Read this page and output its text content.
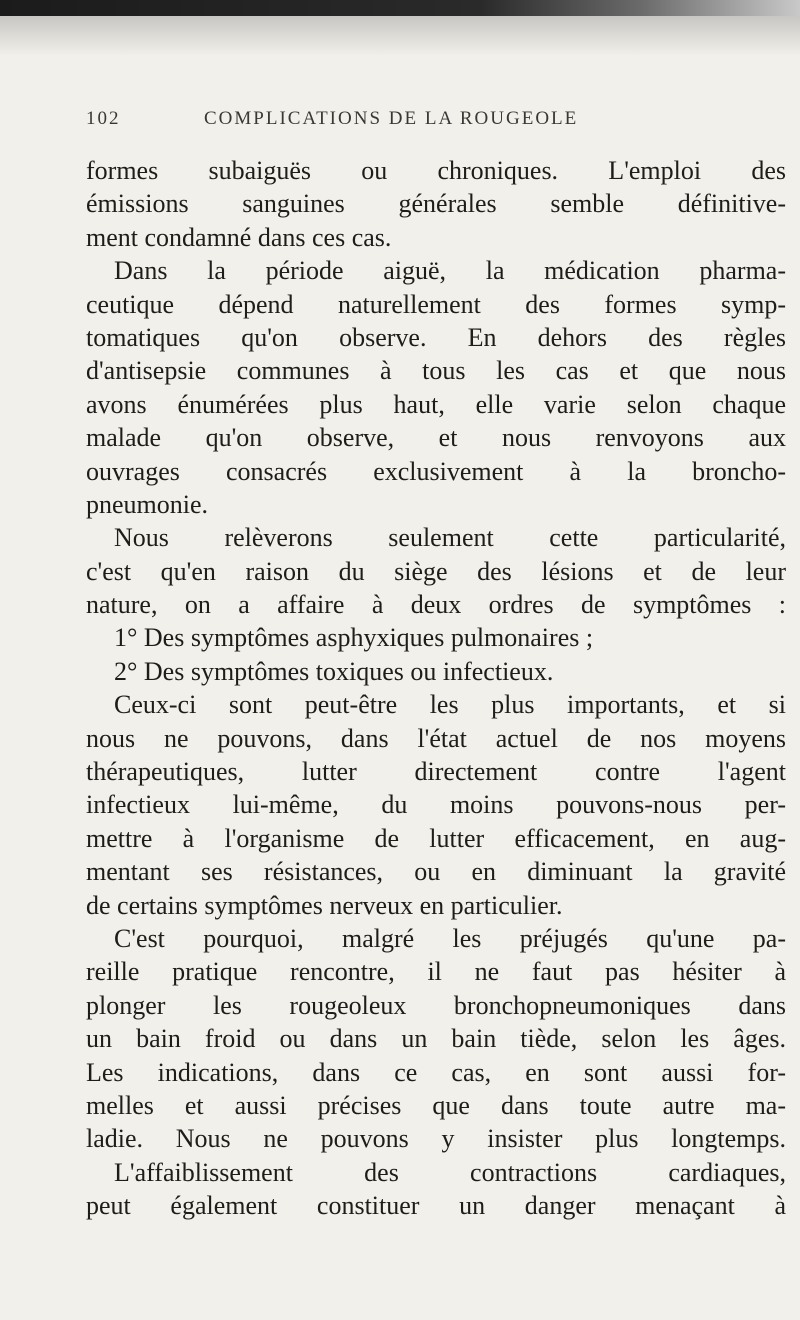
102	COMPLICATIONS DE LA ROUGEOLE
formes subaiguës ou chroniques. L'emploi des
émissions sanguines générales semble définitive-
ment condamné dans ces cas.
Dans la période aiguë, la médication pharma-
ceutique dépend naturellement des formes symp-
tomatiques qu'on observe. En dehors des règles
d'antisepsie communes à tous les cas et que nous
avons énumérées plus haut, elle varie selon chaque
malade qu'on observe, et nous renvoyons aux
ouvrages consacrés exclusivement à la broncho-
pneumonie.
Nous relèverons seulement cette particularité,
c'est qu'en raison du siège des lésions et de leur
nature, on a affaire à deux ordres de symptômes :
1° Des symptômes asphyxiques pulmonaires ;
2° Des symptômes toxiques ou infectieux.
Ceux-ci sont peut-être les plus importants, et si
nous ne pouvons, dans l'état actuel de nos moyens
thérapeutiques, lutter directement contre l'agent
infectieux lui-même, du moins pouvons-nous per-
mettre à l'organisme de lutter efficacement, en aug-
mentant ses résistances, ou en diminuant la gravité
de certains symptômes nerveux en particulier.
C'est pourquoi, malgré les préjugés qu'une pa-
reille pratique rencontre, il ne faut pas hésiter à
plonger les rougeoleux bronchopneumoniques dans
un bain froid ou dans un bain tiède, selon les âges.
Les indications, dans ce cas, en sont aussi for-
melles et aussi précises que dans toute autre ma-
ladie. Nous ne pouvons y insister plus longtemps.
L'affaiblissement des contractions cardiaques,
peut également constituer un danger menaçant à
